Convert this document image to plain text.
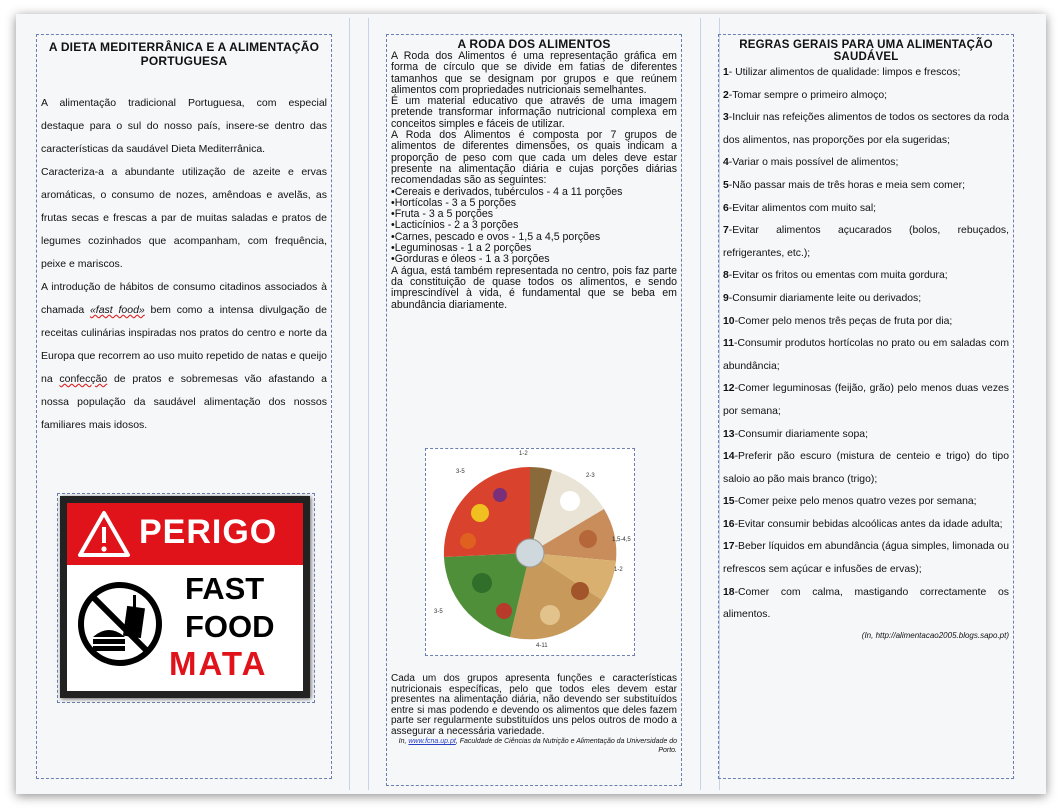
A DIETA MEDITERRÂNICA E A ALIMENTAÇÃO
PORTUGUESA

A alimentação tradicional Portuguesa, com especial destaque para o sul do nosso país, insere-se dentro das características da saudável Dieta Mediterrânica.

Caracteriza-a a abundante utilização de azeite e ervas aromáticas, o consumo de nozes, amêndoas e avelãs, as frutas secas e frescas a par de muitas saladas e pratos de legumes cozinhados que acompanham, com frequência, peixe e mariscos.

A introdução de hábitos de consumo citadinos associados à chamada «fast food» bem como a intensa divulgação de receitas culinárias inspiradas nos pratos do centro e norte da Europa que recorrem ao uso muito repetido de natas e queijo na confecção de pratos e sobremesas vão afastando a nossa população da saudável alimentação dos nossos familiares mais idosos.

PERIGO
FAST
FOOD
MATA
A RODA DOS ALIMENTOS

A Roda dos Alimentos é uma representação gráfica em forma de círculo que se divide em fatias de diferentes tamanhos que se designam por grupos e que reúnem alimentos com propriedades nutricionais semelhantes.

É um material educativo que através de uma imagem pretende transformar informação nutricional complexa em conceitos simples e fáceis de utilizar.

A Roda dos Alimentos é composta por 7 grupos de alimentos de diferentes dimensões, os quais indicam a proporção de peso com que cada um deles deve estar presente na alimentação diária e cujas porções diárias recomendadas são as seguintes:

•Cereais e derivados, tubérculos - 4 a 11 porções
•Hortícolas - 3 a 5 porções
•Fruta - 3 a 5 porções
•Lacticínios - 2 a 3 porções
•Carnes, pescado e ovos - 1,5 a 4,5 porções
•Leguminosas - 1 a 2 porções
•Gorduras e óleos - 1 a 3 porções

A água, está também representada no centro, pois faz parte da constituição de quase todos os alimentos, e sendo imprescindível à vida, é fundamental que se beba em abundância diariamente.

1-2
3-5
2-3
1,5-4,5
1-2
4-11
3-5

Cada um dos grupos apresenta funções e características nutricionais específicas, pelo que todos eles devem estar presentes na alimentação diária, não devendo ser substituídos entre si mas podendo e devendo os alimentos que deles fazem parte ser regularmente substituídos uns pelos outros de modo a assegurar a necessária variedade.

In, www.fcna.up.pt, Faculdade de Ciências da Nutrição e Alimentação da Universidade do Porto.
REGRAS GERAIS PARA UMA ALIMENTAÇÃO
SAUDÁVEL
1- Utilizar alimentos de qualidade: limpos e frescos;
2-Tomar sempre o primeiro almoço;
3-Incluir nas refeições alimentos de todos os sectores da roda dos alimentos, nas proporções por ela sugeridas;
4-Variar o mais possível de alimentos;
5-Não passar mais de três horas e meia sem comer;
6-Evitar alimentos com muito sal;
7-Evitar alimentos açucarados (bolos, rebuçados, refrigerantes, etc.);
8-Evitar os fritos ou ementas com muita gordura;
9-Consumir diariamente leite ou derivados;
10-Comer pelo menos três peças de fruta por dia;
11-Consumir produtos hortícolas no prato ou em saladas com abundância;
12-Comer leguminosas (feijão, grão) pelo menos duas vezes por semana;
13-Consumir diariamente sopa;
14-Preferir pão escuro (mistura de centeio e trigo) do tipo saloio ao pão mais branco (trigo);
15-Comer peixe pelo menos quatro vezes por semana;
16-Evitar consumir bebidas alcoólicas antes da idade adulta;
17-Beber líquidos em abundância (água simples, limonada ou refrescos sem açúcar e infusões de ervas);
18-Comer com calma, mastigando correctamente os alimentos.
(In, http://alimentacao2005.blogs.sapo.pt)
